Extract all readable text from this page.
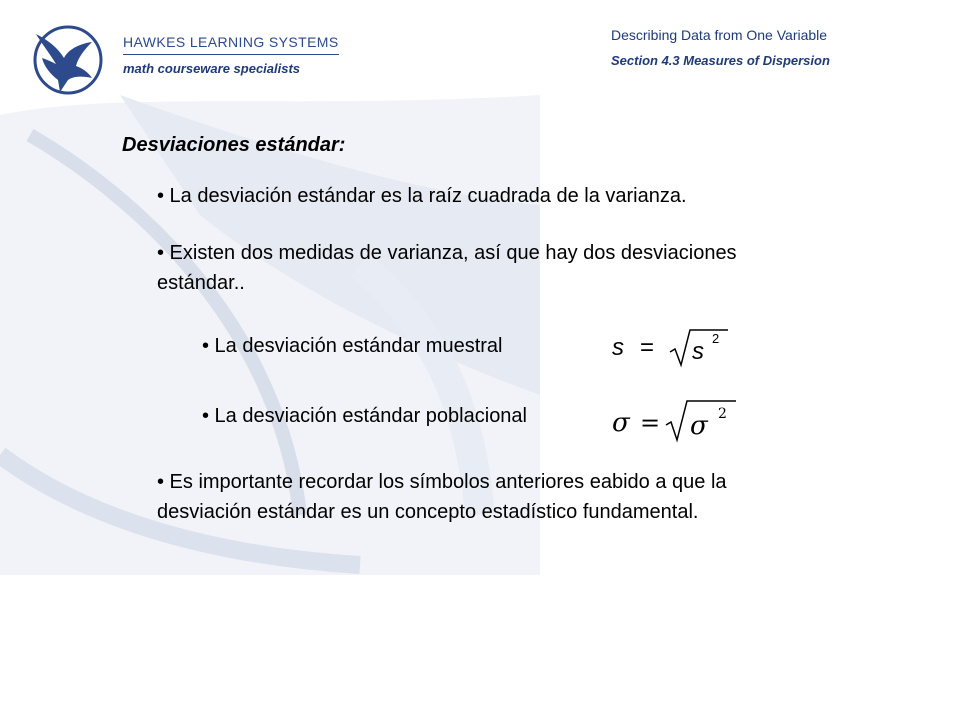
HAWKES LEARNING SYSTEMS
math courseware specialists
Describing Data from One Variable
Section 4.3 Measures of Dispersion
Desviaciones estándar:
• La desviación estándar es la raíz cuadrada de la varianza.
• Existen dos medidas de varianza, así que hay dos desviaciones
estándar..
• La desviación estándar muestral
• La desviación estándar poblacional
• Es importante recordar los símbolos anteriores eabido a que la
desviación estándar es un concepto estadístico fundamental.
s = s 2
σ = σ 2
